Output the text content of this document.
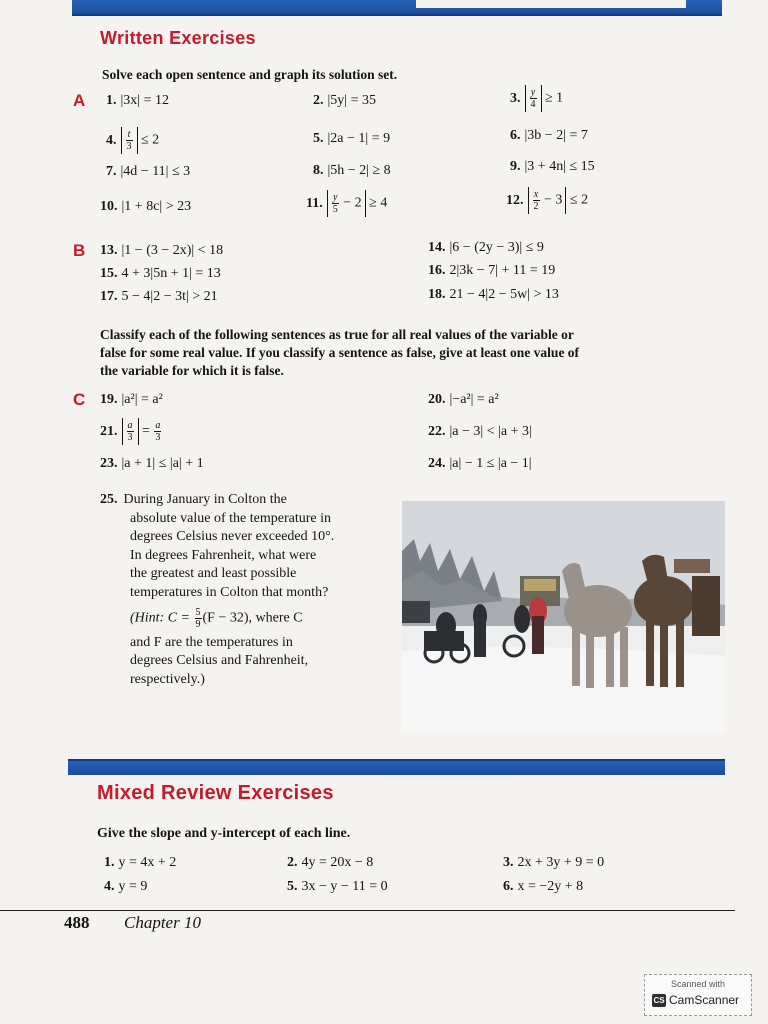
Written Exercises
Solve each open sentence and graph its solution set.
A 1. |3x| = 12	2. |5y| = 35	3. $\frac{y}{4} \ge 1$
4. $\frac{t}{3} \le 2$	5. |2a − 1| = 9	6. |3b − 2| = 7
7. |4d − 11| ≤ 3	8. |5h − 2| ≥ 8	9. |3 + 4n| ≤ 15
10. |1 + 8c| > 23	11. $\frac{y}{5} - 2 \ge 4$	12. $\frac{x}{2} - 3 \le 2$
B 13. |1 − (3 − 2x)| < 18	14. |6 − (2y − 3)| ≤ 9
15. 4 + 3|5n + 1| = 13	16. 2|3k − 7| + 11 = 19
17. 5 − 4|2 − 3t| > 21	18. 21 − 4|2 − 5w| > 13
Classify each of the following sentences as true for all real values of the variable or false for some real value. If you classify a sentence as false, give at least one value of the variable for which it is false.
C 19. |a²| = a²	20. |−a²| = a²
21. $\frac{a}{3} = \frac{a}{3}$	22. |a − 3| < |a + 3|
23. |a + 1| ≤ |a| + 1	24. |a| − 1 ≤ |a − 1|
25. During January in Colton the
absolute value of the temperature in
degrees Celsius never exceeded 10°.
In degrees Fahrenheit, what were
the greatest and least possible
temperatures in Colton that month?
(Hint: $C = \frac{5}{9} (F - 32)$, where C
and F are the temperatures in
degrees Celsius and Fahrenheit,
respectively.)
Mixed Review Exercises
Give the slope and y-intercept of each line.
1. y = 4x + 2	2. 4y = 20x − 8	3. 2x + 3y + 9 = 0
4. y = 9	5. 3x − y − 11 = 0	6. x = −2y + 8
488 Chapter 10
Scanned with
CS CamScanner
